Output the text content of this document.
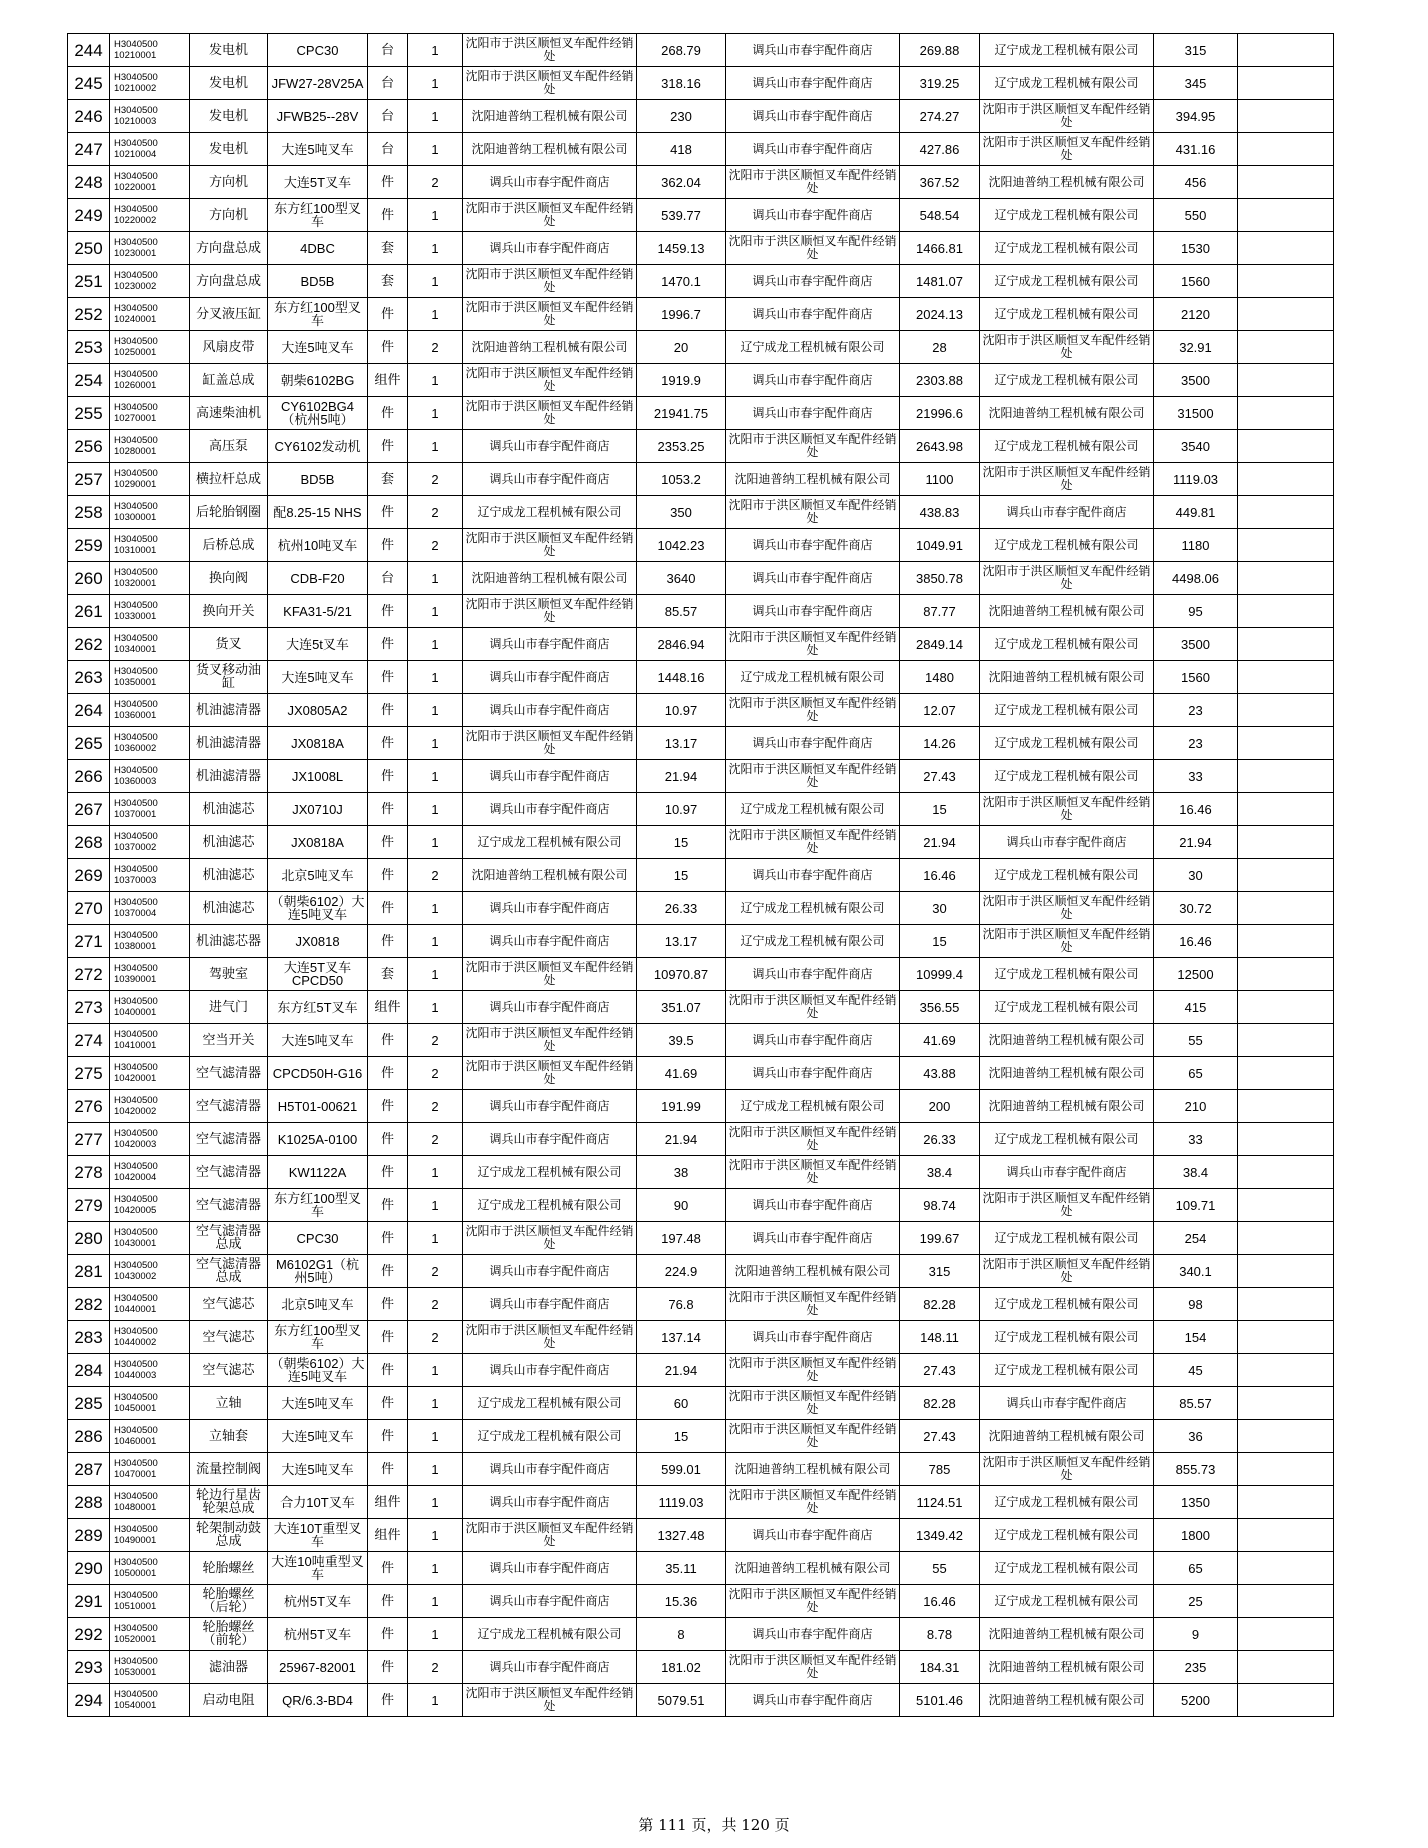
244	H3040500 10210001	发电机	CPC30	台	1	沈阳市于洪区顺恒叉车配件经销处	268.79	调兵山市春宇配件商店	269.88	辽宁成龙工程机械有限公司	315	
245	H3040500 10210002	发电机	JFW27-28V25A	台	1	沈阳市于洪区顺恒叉车配件经销处	318.16	调兵山市春宇配件商店	319.25	辽宁成龙工程机械有限公司	345	
246	H3040500 10210003	发电机	JFWB25--28V	台	1	沈阳迪普纳工程机械有限公司	230	调兵山市春宇配件商店	274.27	沈阳市于洪区顺恒叉车配件经销处	394.95	
247	H3040500 10210004	发电机	大连5吨叉车	台	1	沈阳迪普纳工程机械有限公司	418	调兵山市春宇配件商店	427.86	沈阳市于洪区顺恒叉车配件经销处	431.16	
248	H3040500 10220001	方向机	大连5T叉车	件	2	调兵山市春宇配件商店	362.04	沈阳市于洪区顺恒叉车配件经销处	367.52	沈阳迪普纳工程机械有限公司	456	
249	H3040500 10220002	方向机	东方红100型叉车	件	1	沈阳市于洪区顺恒叉车配件经销处	539.77	调兵山市春宇配件商店	548.54	辽宁成龙工程机械有限公司	550	
250	H3040500 10230001	方向盘总成	4DBC	套	1	调兵山市春宇配件商店	1459.13	沈阳市于洪区顺恒叉车配件经销处	1466.81	辽宁成龙工程机械有限公司	1530	
251	H3040500 10230002	方向盘总成	BD5B	套	1	沈阳市于洪区顺恒叉车配件经销处	1470.1	调兵山市春宇配件商店	1481.07	辽宁成龙工程机械有限公司	1560	
252	H3040500 10240001	分叉液压缸	东方红100型叉车	件	1	沈阳市于洪区顺恒叉车配件经销处	1996.7	调兵山市春宇配件商店	2024.13	辽宁成龙工程机械有限公司	2120	
253	H3040500 10250001	风扇皮带	大连5吨叉车	件	2	沈阳迪普纳工程机械有限公司	20	辽宁成龙工程机械有限公司	28	沈阳市于洪区顺恒叉车配件经销处	32.91	
254	H3040500 10260001	缸盖总成	朝柴6102BG	组件	1	沈阳市于洪区顺恒叉车配件经销处	1919.9	调兵山市春宇配件商店	2303.88	辽宁成龙工程机械有限公司	3500	
255	H3040500 10270001	高速柴油机	CY6102BG4（杭州5吨）	件	1	沈阳市于洪区顺恒叉车配件经销处	21941.75	调兵山市春宇配件商店	21996.6	沈阳迪普纳工程机械有限公司	31500	
256	H3040500 10280001	高压泵	CY6102发动机	件	1	调兵山市春宇配件商店	2353.25	沈阳市于洪区顺恒叉车配件经销处	2643.98	辽宁成龙工程机械有限公司	3540	
257	H3040500 10290001	横拉杆总成	BD5B	套	2	调兵山市春宇配件商店	1053.2	沈阳迪普纳工程机械有限公司	1100	沈阳市于洪区顺恒叉车配件经销处	1119.03	
258	H3040500 10300001	后轮胎钢圈	配8.25-15 NHS	件	2	辽宁成龙工程机械有限公司	350	沈阳市于洪区顺恒叉车配件经销处	438.83	调兵山市春宇配件商店	449.81	
259	H3040500 10310001	后桥总成	杭州10吨叉车	件	2	沈阳市于洪区顺恒叉车配件经销处	1042.23	调兵山市春宇配件商店	1049.91	辽宁成龙工程机械有限公司	1180	
260	H3040500 10320001	换向阀	CDB-F20	台	1	沈阳迪普纳工程机械有限公司	3640	调兵山市春宇配件商店	3850.78	沈阳市于洪区顺恒叉车配件经销处	4498.06	
261	H3040500 10330001	换向开关	KFA31-5/21	件	1	沈阳市于洪区顺恒叉车配件经销处	85.57	调兵山市春宇配件商店	87.77	沈阳迪普纳工程机械有限公司	95	
262	H3040500 10340001	货叉	大连5t叉车	件	1	调兵山市春宇配件商店	2846.94	沈阳市于洪区顺恒叉车配件经销处	2849.14	辽宁成龙工程机械有限公司	3500	
263	H3040500 10350001	货叉移动油缸	大连5吨叉车	件	1	调兵山市春宇配件商店	1448.16	辽宁成龙工程机械有限公司	1480	沈阳迪普纳工程机械有限公司	1560	
264	H3040500 10360001	机油滤清器	JX0805A2	件	1	调兵山市春宇配件商店	10.97	沈阳市于洪区顺恒叉车配件经销处	12.07	辽宁成龙工程机械有限公司	23	
265	H3040500 10360002	机油滤清器	JX0818A	件	1	沈阳市于洪区顺恒叉车配件经销处	13.17	调兵山市春宇配件商店	14.26	辽宁成龙工程机械有限公司	23	
266	H3040500 10360003	机油滤清器	JX1008L	件	1	调兵山市春宇配件商店	21.94	沈阳市于洪区顺恒叉车配件经销处	27.43	辽宁成龙工程机械有限公司	33	
267	H3040500 10370001	机油滤芯	JX0710J	件	1	调兵山市春宇配件商店	10.97	辽宁成龙工程机械有限公司	15	沈阳市于洪区顺恒叉车配件经销处	16.46	
268	H3040500 10370002	机油滤芯	JX0818A	件	1	辽宁成龙工程机械有限公司	15	沈阳市于洪区顺恒叉车配件经销处	21.94	调兵山市春宇配件商店	21.94	
269	H3040500 10370003	机油滤芯	北京5吨叉车	件	2	沈阳迪普纳工程机械有限公司	15	调兵山市春宇配件商店	16.46	辽宁成龙工程机械有限公司	30	
270	H3040500 10370004	机油滤芯	（朝柴6102）大连5吨叉车	件	1	调兵山市春宇配件商店	26.33	辽宁成龙工程机械有限公司	30	沈阳市于洪区顺恒叉车配件经销处	30.72	
271	H3040500 10380001	机油滤芯器	JX0818	件	1	调兵山市春宇配件商店	13.17	辽宁成龙工程机械有限公司	15	沈阳市于洪区顺恒叉车配件经销处	16.46	
272	H3040500 10390001	驾驶室	大连5T叉车CPCD50	套	1	沈阳市于洪区顺恒叉车配件经销处	10970.87	调兵山市春宇配件商店	10999.4	辽宁成龙工程机械有限公司	12500	
273	H3040500 10400001	进气门	东方红5T叉车	组件	1	调兵山市春宇配件商店	351.07	沈阳市于洪区顺恒叉车配件经销处	356.55	辽宁成龙工程机械有限公司	415	
274	H3040500 10410001	空当开关	大连5吨叉车	件	2	沈阳市于洪区顺恒叉车配件经销处	39.5	调兵山市春宇配件商店	41.69	沈阳迪普纳工程机械有限公司	55	
275	H3040500 10420001	空气滤清器	CPCD50H-G16	件	2	沈阳市于洪区顺恒叉车配件经销处	41.69	调兵山市春宇配件商店	43.88	沈阳迪普纳工程机械有限公司	65	
276	H3040500 10420002	空气滤清器	H5T01-00621	件	2	调兵山市春宇配件商店	191.99	辽宁成龙工程机械有限公司	200	沈阳迪普纳工程机械有限公司	210	
277	H3040500 10420003	空气滤清器	K1025A-0100	件	2	调兵山市春宇配件商店	21.94	沈阳市于洪区顺恒叉车配件经销处	26.33	辽宁成龙工程机械有限公司	33	
278	H3040500 10420004	空气滤清器	KW1122A	件	1	辽宁成龙工程机械有限公司	38	沈阳市于洪区顺恒叉车配件经销处	38.4	调兵山市春宇配件商店	38.4	
279	H3040500 10420005	空气滤清器	东方红100型叉车	件	1	辽宁成龙工程机械有限公司	90	调兵山市春宇配件商店	98.74	沈阳市于洪区顺恒叉车配件经销处	109.71	
280	H3040500 10430001	空气滤清器总成	CPC30	件	1	沈阳市于洪区顺恒叉车配件经销处	197.48	调兵山市春宇配件商店	199.67	辽宁成龙工程机械有限公司	254	
281	H3040500 10430002	空气滤清器总成	M6102G1（杭州5吨）	件	2	调兵山市春宇配件商店	224.9	沈阳迪普纳工程机械有限公司	315	沈阳市于洪区顺恒叉车配件经销处	340.1	
282	H3040500 10440001	空气滤芯	北京5吨叉车	件	2	调兵山市春宇配件商店	76.8	沈阳市于洪区顺恒叉车配件经销处	82.28	辽宁成龙工程机械有限公司	98	
283	H3040500 10440002	空气滤芯	东方红100型叉车	件	2	沈阳市于洪区顺恒叉车配件经销处	137.14	调兵山市春宇配件商店	148.11	辽宁成龙工程机械有限公司	154	
284	H3040500 10440003	空气滤芯	（朝柴6102）大连5吨叉车	件	1	调兵山市春宇配件商店	21.94	沈阳市于洪区顺恒叉车配件经销处	27.43	辽宁成龙工程机械有限公司	45	
285	H3040500 10450001	立轴	大连5吨叉车	件	1	辽宁成龙工程机械有限公司	60	沈阳市于洪区顺恒叉车配件经销处	82.28	调兵山市春宇配件商店	85.57	
286	H3040500 10460001	立轴套	大连5吨叉车	件	1	辽宁成龙工程机械有限公司	15	沈阳市于洪区顺恒叉车配件经销处	27.43	沈阳迪普纳工程机械有限公司	36	
287	H3040500 10470001	流量控制阀	大连5吨叉车	件	1	调兵山市春宇配件商店	599.01	沈阳迪普纳工程机械有限公司	785	沈阳市于洪区顺恒叉车配件经销处	855.73	
288	H3040500 10480001	轮边行星齿轮架总成	合力10T叉车	组件	1	调兵山市春宇配件商店	1119.03	沈阳市于洪区顺恒叉车配件经销处	1124.51	辽宁成龙工程机械有限公司	1350	
289	H3040500 10490001	轮架制动鼓总成	大连10T重型叉车	组件	1	沈阳市于洪区顺恒叉车配件经销处	1327.48	调兵山市春宇配件商店	1349.42	辽宁成龙工程机械有限公司	1800	
290	H3040500 10500001	轮胎螺丝	大连10吨重型叉车	件	1	调兵山市春宇配件商店	35.11	沈阳迪普纳工程机械有限公司	55	辽宁成龙工程机械有限公司	65	
291	H3040500 10510001	轮胎螺丝（后轮）	杭州5T叉车	件	1	调兵山市春宇配件商店	15.36	沈阳市于洪区顺恒叉车配件经销处	16.46	辽宁成龙工程机械有限公司	25	
292	H3040500 10520001	轮胎螺丝（前轮）	杭州5T叉车	件	1	辽宁成龙工程机械有限公司	8	调兵山市春宇配件商店	8.78	沈阳迪普纳工程机械有限公司	9	
293	H3040500 10530001	滤油器	25967-82001	件	2	调兵山市春宇配件商店	181.02	沈阳市于洪区顺恒叉车配件经销处	184.31	沈阳迪普纳工程机械有限公司	235	
294	H3040500 10540001	启动电阻	QR/6.3-BD4	件	1	沈阳市于洪区顺恒叉车配件经销处	5079.51	调兵山市春宇配件商店	5101.46	沈阳迪普纳工程机械有限公司	5200	
第 111 页，共 120 页
